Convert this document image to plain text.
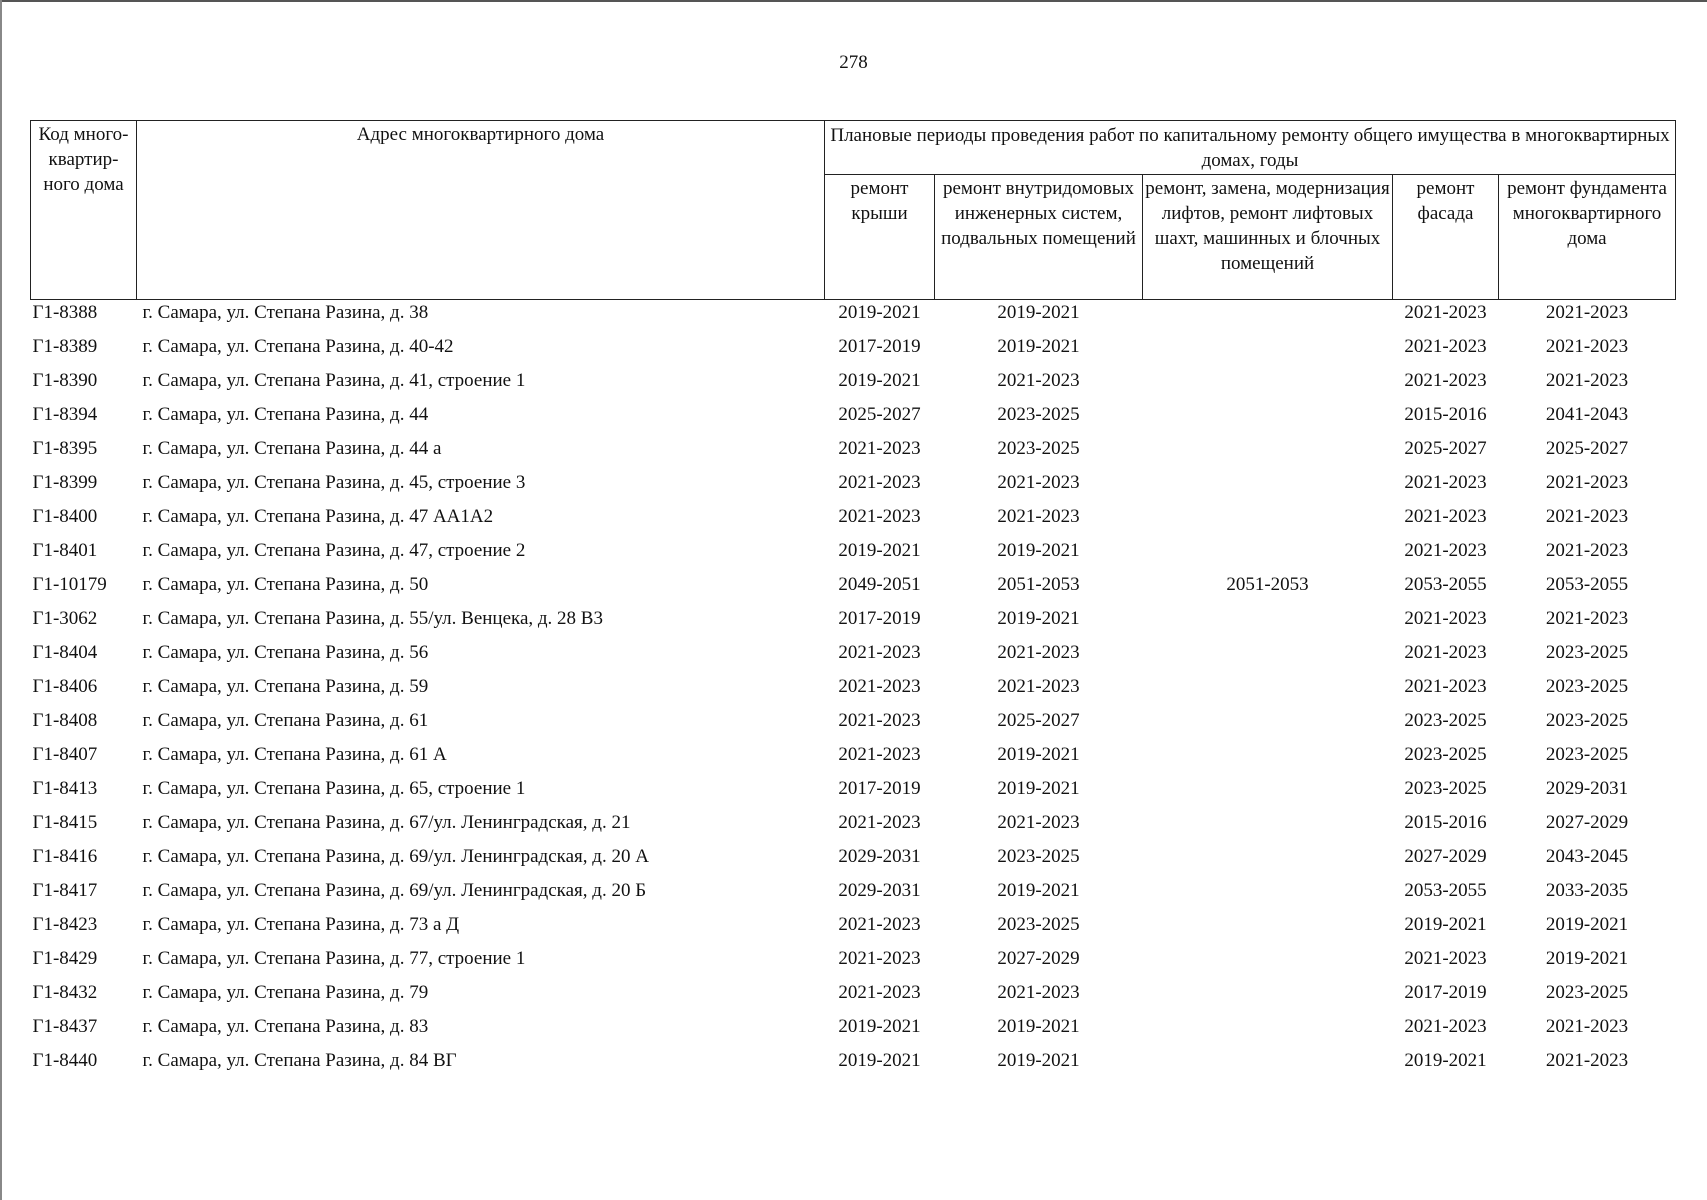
278
Код много-квартир-ного дома	Адрес многоквартирного дома	Плановые периоды проведения работ по капитальному ремонту общего имущества в многоквартирных домах, годы				
		ремонт крыши	ремонт внутридомовых инженерных систем, подвальных помещений	ремонт, замена, модернизация лифтов, ремонт лифтовых шахт, машинных и блочных помещений	ремонт фасада	ремонт фундамента многоквартирного дома
Г1-8388	г. Самара, ул. Степана Разина, д. 38	2019-2021	2019-2021		2021-2023	2021-2023
Г1-8389	г. Самара, ул. Степана Разина, д. 40-42	2017-2019	2019-2021		2021-2023	2021-2023
Г1-8390	г. Самара, ул. Степана Разина, д. 41, строение 1	2019-2021	2021-2023		2021-2023	2021-2023
Г1-8394	г. Самара, ул. Степана Разина, д. 44	2025-2027	2023-2025		2015-2016	2041-2043
Г1-8395	г. Самара, ул. Степана Разина, д. 44 а	2021-2023	2023-2025		2025-2027	2025-2027
Г1-8399	г. Самара, ул. Степана Разина, д. 45, строение 3	2021-2023	2021-2023		2021-2023	2021-2023
Г1-8400	г. Самара, ул. Степана Разина, д. 47 АА1А2	2021-2023	2021-2023		2021-2023	2021-2023
Г1-8401	г. Самара, ул. Степана Разина, д. 47, строение 2	2019-2021	2019-2021		2021-2023	2021-2023
Г1-10179	г. Самара, ул. Степана Разина, д. 50	2049-2051	2051-2053	2051-2053	2053-2055	2053-2055
Г1-3062	г. Самара, ул. Степана Разина, д. 55/ул. Венцека, д. 28 В3	2017-2019	2019-2021		2021-2023	2021-2023
Г1-8404	г. Самара, ул. Степана Разина, д. 56	2021-2023	2021-2023		2021-2023	2023-2025
Г1-8406	г. Самара, ул. Степана Разина, д. 59	2021-2023	2021-2023		2021-2023	2023-2025
Г1-8408	г. Самара, ул. Степана Разина, д. 61	2021-2023	2025-2027		2023-2025	2023-2025
Г1-8407	г. Самара, ул. Степана Разина, д. 61 А	2021-2023	2019-2021		2023-2025	2023-2025
Г1-8413	г. Самара, ул. Степана Разина, д. 65, строение 1	2017-2019	2019-2021		2023-2025	2029-2031
Г1-8415	г. Самара, ул. Степана Разина, д. 67/ул. Ленинградская, д. 21	2021-2023	2021-2023		2015-2016	2027-2029
Г1-8416	г. Самара, ул. Степана Разина, д. 69/ул. Ленинградская, д. 20 А	2029-2031	2023-2025		2027-2029	2043-2045
Г1-8417	г. Самара, ул. Степана Разина, д. 69/ул. Ленинградская, д. 20 Б	2029-2031	2019-2021		2053-2055	2033-2035
Г1-8423	г. Самара, ул. Степана Разина, д. 73 а Д	2021-2023	2023-2025		2019-2021	2019-2021
Г1-8429	г. Самара, ул. Степана Разина, д. 77, строение 1	2021-2023	2027-2029		2021-2023	2019-2021
Г1-8432	г. Самара, ул. Степана Разина, д. 79	2021-2023	2021-2023		2017-2019	2023-2025
Г1-8437	г. Самара, ул. Степана Разина, д. 83	2019-2021	2019-2021		2021-2023	2021-2023
Г1-8440	г. Самара, ул. Степана Разина, д. 84 ВГ	2019-2021	2019-2021		2019-2021	2021-2023
